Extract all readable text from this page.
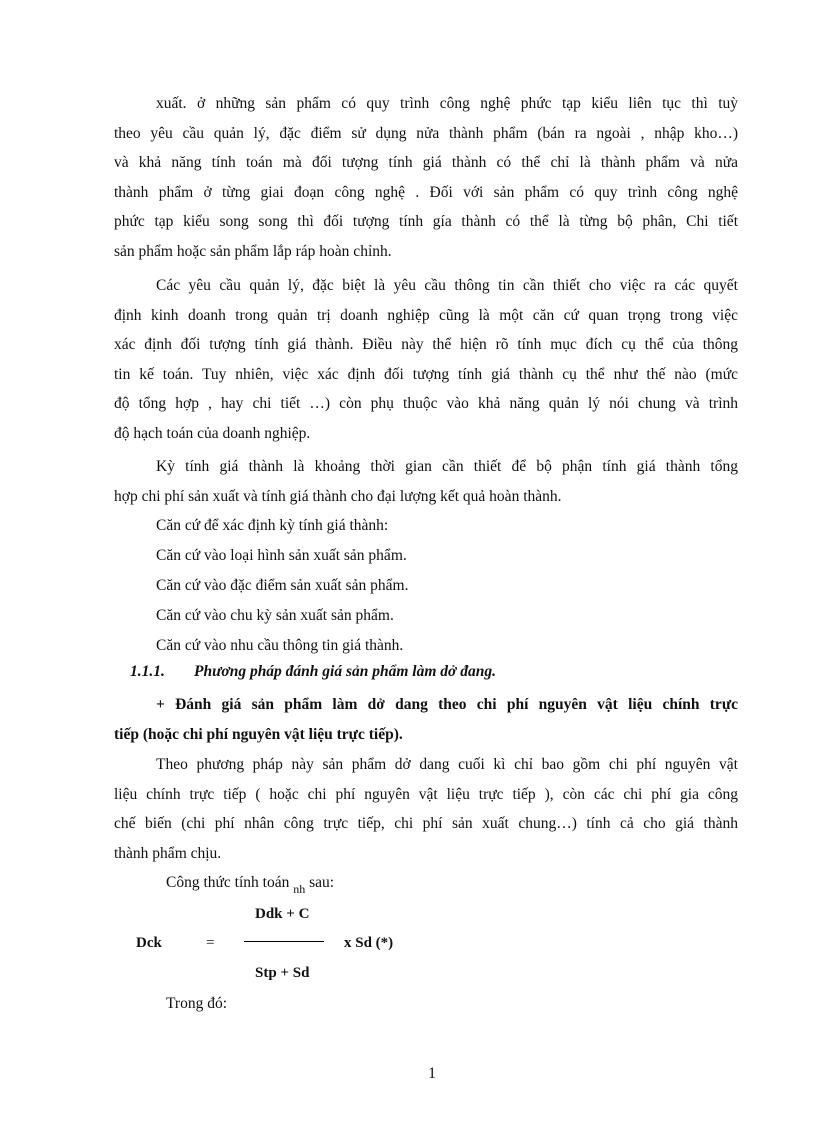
xuất. ở những sản phẩm có quy trình công nghệ phức tạp kiểu liên tục thì tuỳ
theo yêu cầu quản lý, đặc điểm sử dụng nửa thành phẩm (bán ra ngoài , nhập kho…)
và khả năng tính toán mà đối tượng tính giá thành có thể chỉ là thành phẩm và nửa
thành phẩm ở từng giai đoạn công nghệ . Đối với sản phẩm có quy trình công nghệ
phức tạp kiểu song song thì đối tượng tính gía thành có thể là từng bộ phân, Chi tiết
sản phẩm hoặc sản phẩm lắp ráp hoàn chỉnh.

Các yêu cầu quản lý, đặc biệt là yêu cầu thông tin cần thiết cho việc ra các quyết
định kinh doanh trong quản trị doanh nghiệp cũng là một căn cứ quan trọng trong việc
xác định đối tượng tính giá thành. Điều này thể hiện rõ tính mục đích cụ thể của thông
tin kế toán. Tuy nhiên, việc xác định đối tượng tính giá thành cụ thể như thế nào (mức
độ tổng hợp , hay chi tiết …) còn phụ thuộc vào khả năng quản lý nói chung và trình
độ hạch toán của doanh nghiệp.

Kỳ tính giá thành là khoảng thời gian cần thiết để bộ phận tính giá thành tổng
hợp chi phí sản xuất và tính giá thành cho đại lượng kết quả hoàn thành.

Căn cứ để xác định kỳ tính giá thành:

Căn cứ vào loại hình sản xuất sản phẩm.

Căn cứ vào đặc điểm sản xuất sản phẩm.

Căn cứ vào chu kỳ sản xuất sản phẩm.

Căn cứ vào nhu cầu thông tin giá thành.

1.1.1. Phương pháp đánh giá sản phẩm làm dở đang.

+ Đánh giá sản phẩm làm dở dang theo chi phí nguyên vật liệu chính trực
tiếp (hoặc chi phí nguyên vật liệu trực tiếp).

Theo phương pháp này sản phẩm dở dang cuối kì chỉ bao gồm chi phí nguyên vật
liệu chính trực tiếp ( hoặc chi phí nguyên vật liệu trực tiếp ), còn các chi phí gia công
chế biến (chi phí nhân công trực tiếp, chi phí sản xuất chung…) tính cả cho giá thành
thành phẩm chịu.

Công thức tính toán $_{nh}$ sau:
Ddk + C
Dck	=	x Sd (*)
Stp + Sd
Trong đó:
1
